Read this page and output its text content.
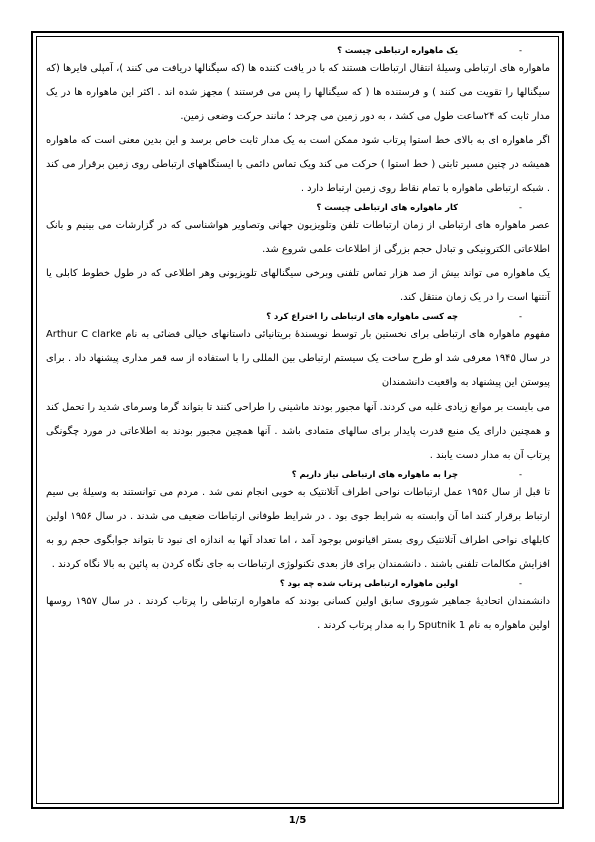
-
یک ماهواره ارتباطی چیست ؟

ماهواره های ارتباطی وسیلهٔ انتقال ارتباطات هستند که با در یافت کننده ها (که سیگنالها دریافت می کنند )، آمپلی فایرها (که سیگنالها را تقویت می کنند ) و فرستنده ها ( که سیگنالها را پس می فرستند ) مجهز شده اند . اکثر این ماهواره ها در یک مدار ثابت که ۲۴ساعت طول می کشد ، به دور زمین می چرخد ؛ مانند حرکت وضعی زمین.

اگر ماهواره ای به بالای خط استوا پرتاب شود ممکن است به یک مدار ثابت خاص برسد و این بدین معنی است که ماهواره همیشه در چنین مسیر ثابتی ( خط استوا ) حرکت می کند ویک تماس دائمی با ایستگاههای ارتباطی روی زمین برقرار می کند . شبکه ارتباطی ماهواره با تمام نقاط روی زمین ارتباط دارد .

-
کار ماهواره های ارتباطی چیست ؟

عصر ماهواره های ارتباطی از زمان ارتباطات تلفن وتلویزیون جهانی وتصاویر هواشناسی که در گزارشات می بینیم و بانک اطلاعاتی الکترونیکی و تبادل حجم بزرگی از اطلاعات علمی شروع شد.

یک ماهواره می تواند بیش از صد هزار تماس تلفنی وبرخی سیگنالهای تلویزیونی وهر اطلاعی که در طول خطوط کابلی یا آنتنها است را در یک زمان منتقل کند.

-
چه کسی ماهواره های ارتباطی را اختراع کرد ؟

مفهوم ماهواره های ارتباطی برای نخستین بار توسط نویسندهٔ بریتانیائی داستانهای خیالی فضائی به نام Arthur C clarke در سال ۱۹۴۵ معرفی شد او طرح ساخت یک سیستم ارتباطی بین المللی را با استفاده از سه قمر مداری پیشنهاد داد . برای پیوستن این پیشنهاد به واقعیت دانشمندان

می بایست بر موانع زیادی غلبه می کردند. آنها مجبور بودند ماشینی را طراحی کنند تا بتواند گرما وسرمای شدید را تحمل کند و همچنین دارای یک منبع قدرت پایدار برای سالهای متمادی باشد . آنها همچین مجبور بودند به اطلاعاتی در مورد چگونگی پرتاب آن به مدار دست یابند .

-
چرا به ماهواره های ارتباطی نیاز داریم ؟

تا قبل از سال ۱۹۵۶ عمل ارتباطات نواحی اطراف آتلانتیک به خوبی انجام نمی شد . مردم می توانستند به وسیلهٔ بی سیم ارتباط برقرار کنند اما آن وابسته به شرایط جوی بود . در شرایط طوفانی ارتباطات ضعیف می شدند . در سال ۱۹۵۶ اولین کابلهای نواحی اطراف آتلانتیک روی بستر اقیانوس بوجود آمد ، اما تعداد آنها به اندازه ای نبود تا بتواند جوابگوی حجم رو به افزایش مکالمات تلفنی باشند . دانشمندان برای فاز بعدی تکنولوژی ارتباطات به جای نگاه کردن به پائین به بالا نگاه کردند .

-
اولین ماهواره ارتباطی پرتاب شده چه بود ؟

دانشمندان اتحادیهٔ جماهیر شوروی سابق اولین کسانی بودند که ماهواره ارتباطی را پرتاب کردند . در سال ۱۹۵۷ روسها اولین ماهواره به نام Sputnik 1 را به مدار پرتاب کردند .

1/5
